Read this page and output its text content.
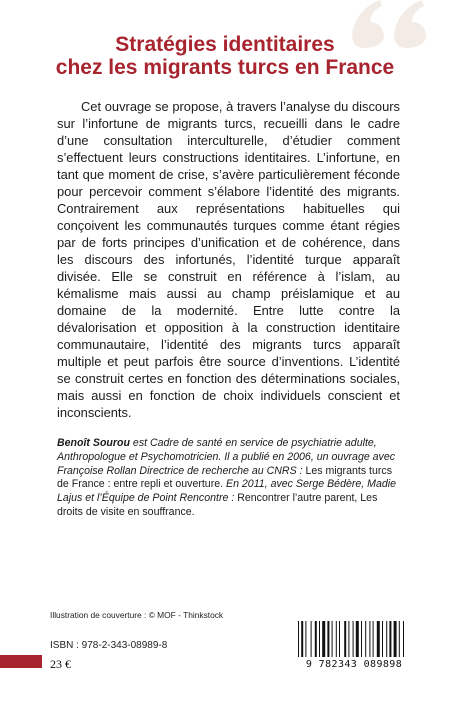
Stratégies identitaires
chez les migrants turcs en France

Cet ouvrage se propose, à travers l’analyse du discours sur l’infortune de migrants turcs, recueilli dans le cadre d’une consultation interculturelle, d’étudier comment s’effectuent leurs constructions identitaires. L’infortune, en tant que moment de crise, s’avère particulièrement féconde pour percevoir comment s’élabore l’identité des migrants. Contrairement aux représentations habituelles qui conçoivent les communautés turques comme étant régies par de forts principes d’unification et de cohérence, dans les discours des infortunés, l’identité turque apparaît divisée. Elle se construit en référence à l’islam, au kémalisme mais aussi au champ préislamique et au domaine de la modernité. Entre lutte contre la dévalorisation et opposition à la construction identitaire communautaire, l’identité des migrants turcs apparaît multiple et peut parfois être source d’inventions. L’identité se construit certes en fonction des déterminations sociales, mais aussi en fonction de choix individuels conscient et inconscients.

Benoît Sourou est Cadre de santé en service de psychiatrie adulte, Anthropologue et Psychomotricien. Il a publié en 2006, un ouvrage avec Françoise Rollan Directrice de recherche au CNRS : Les migrants turcs de France : entre repli et ouverture. En 2011, avec Serge Bédère, Madie Lajus et l’Équipe de Point Rencontre : Rencontrer l’autre parent, Les droits de visite en souffrance.

Illustration de couverture : © MOF - Thinkstock
ISBN : 978-2-343-08989-8
23 €	9 782343 089898
